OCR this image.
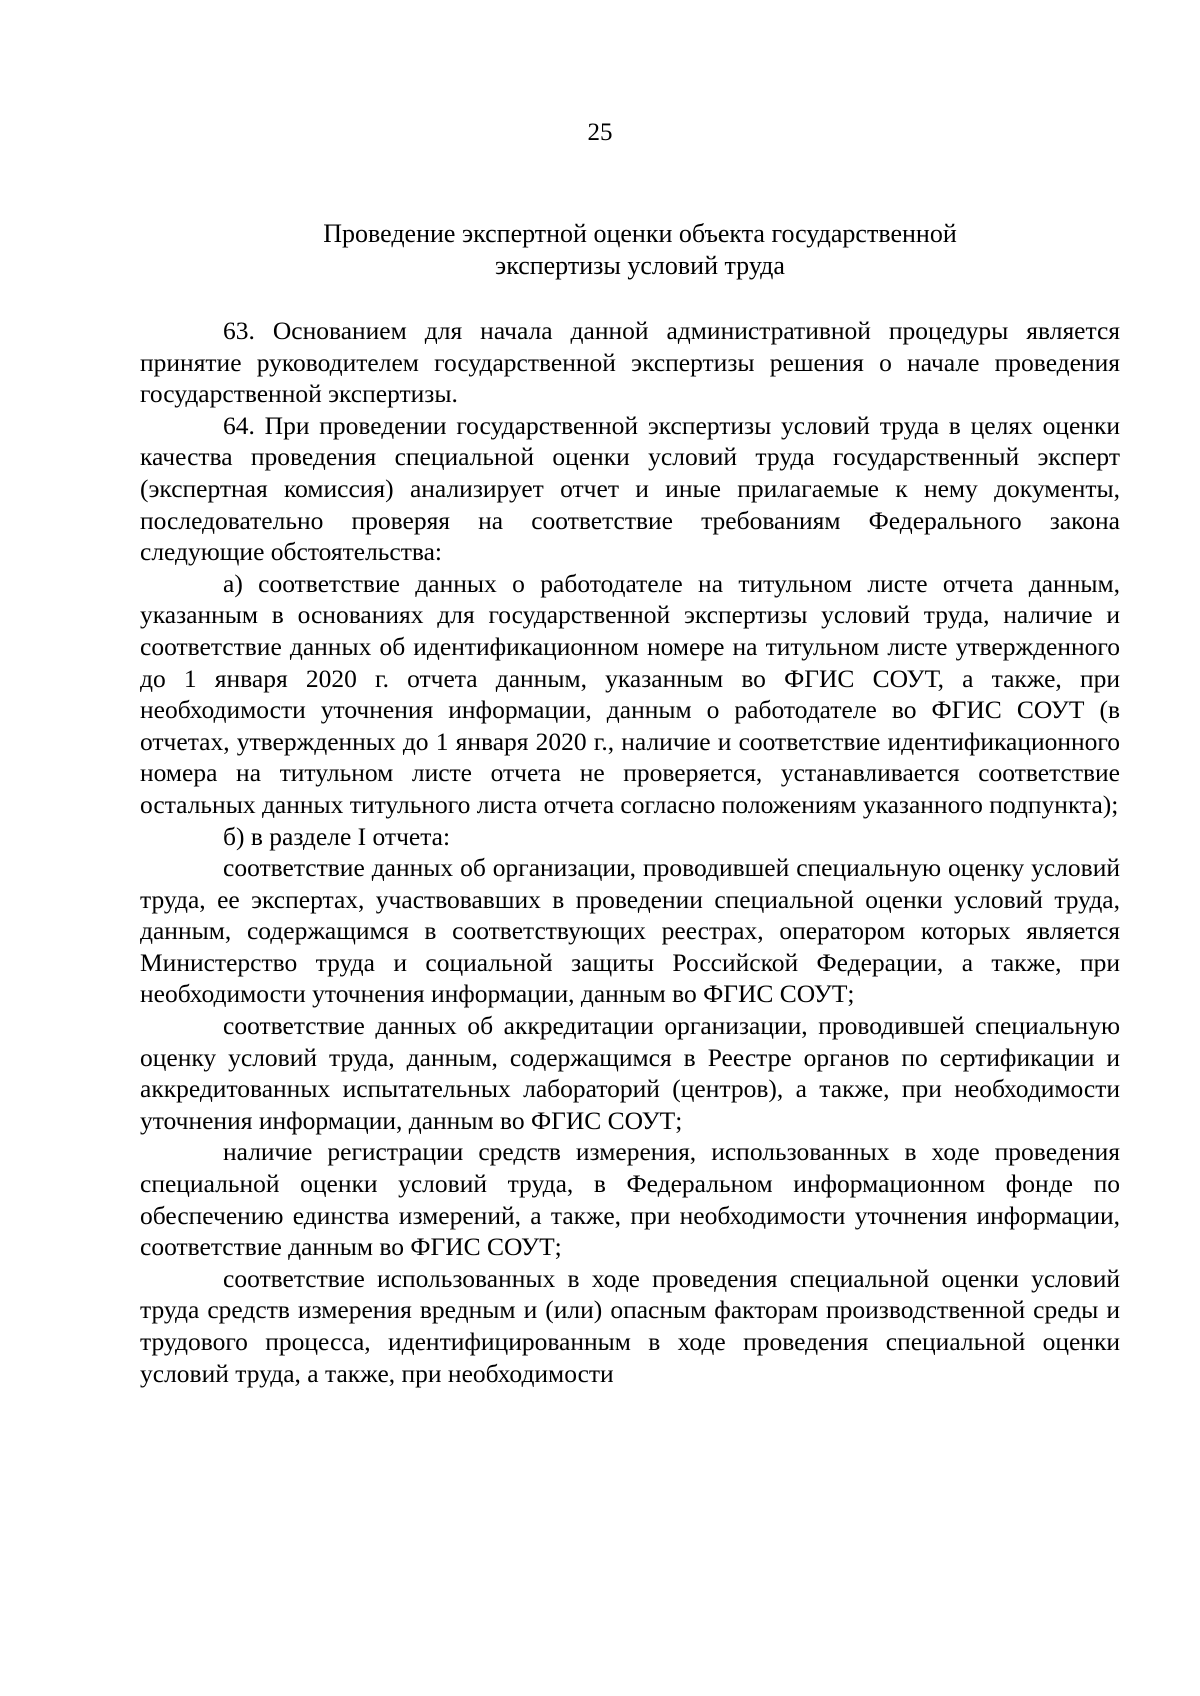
25
Проведение экспертной оценки объекта государственной
экспертизы условий труда

63. Основанием для начала данной административной процедуры является принятие руководителем государственной экспертизы решения о начале проведения государственной экспертизы.

64. При проведении государственной экспертизы условий труда в целях оценки качества проведения специальной оценки условий труда государственный эксперт (экспертная комиссия) анализирует отчет и иные прилагаемые к нему документы, последовательно проверяя на соответствие требованиям Федерального закона следующие обстоятельства:

а) соответствие данных о работодателе на титульном листе отчета данным, указанным в основаниях для государственной экспертизы условий труда, наличие и соответствие данных об идентификационном номере на титульном листе утвержденного до 1 января 2020 г. отчета данным, указанным во ФГИС СОУТ, а также, при необходимости уточнения информации, данным о работодателе во ФГИС СОУТ (в отчетах, утвержденных до 1 января 2020 г., наличие и соответствие идентификационного номера на титульном листе отчета не проверяется, устанавливается соответствие остальных данных титульного листа отчета согласно положениям указанного подпункта);

б) в разделе I отчета:

соответствие данных об организации, проводившей специальную оценку условий труда, ее экспертах, участвовавших в проведении специальной оценки условий труда, данным, содержащимся в соответствующих реестрах, оператором которых является Министерство труда и социальной защиты Российской Федерации, а также, при необходимости уточнения информации, данным во ФГИС СОУТ;

соответствие данных об аккредитации организации, проводившей специальную оценку условий труда, данным, содержащимся в Реестре органов по сертификации и аккредитованных испытательных лабораторий (центров), а также, при необходимости уточнения информации, данным во ФГИС СОУТ;

наличие регистрации средств измерения, использованных в ходе проведения специальной оценки условий труда, в Федеральном информационном фонде по обеспечению единства измерений, а также, при необходимости уточнения информации, соответствие данным во ФГИС СОУТ;

соответствие использованных в ходе проведения специальной оценки условий труда средств измерения вредным и (или) опасным факторам производственной среды и трудового процесса, идентифицированным в ходе проведения специальной оценки условий труда, а также, при необходимости
